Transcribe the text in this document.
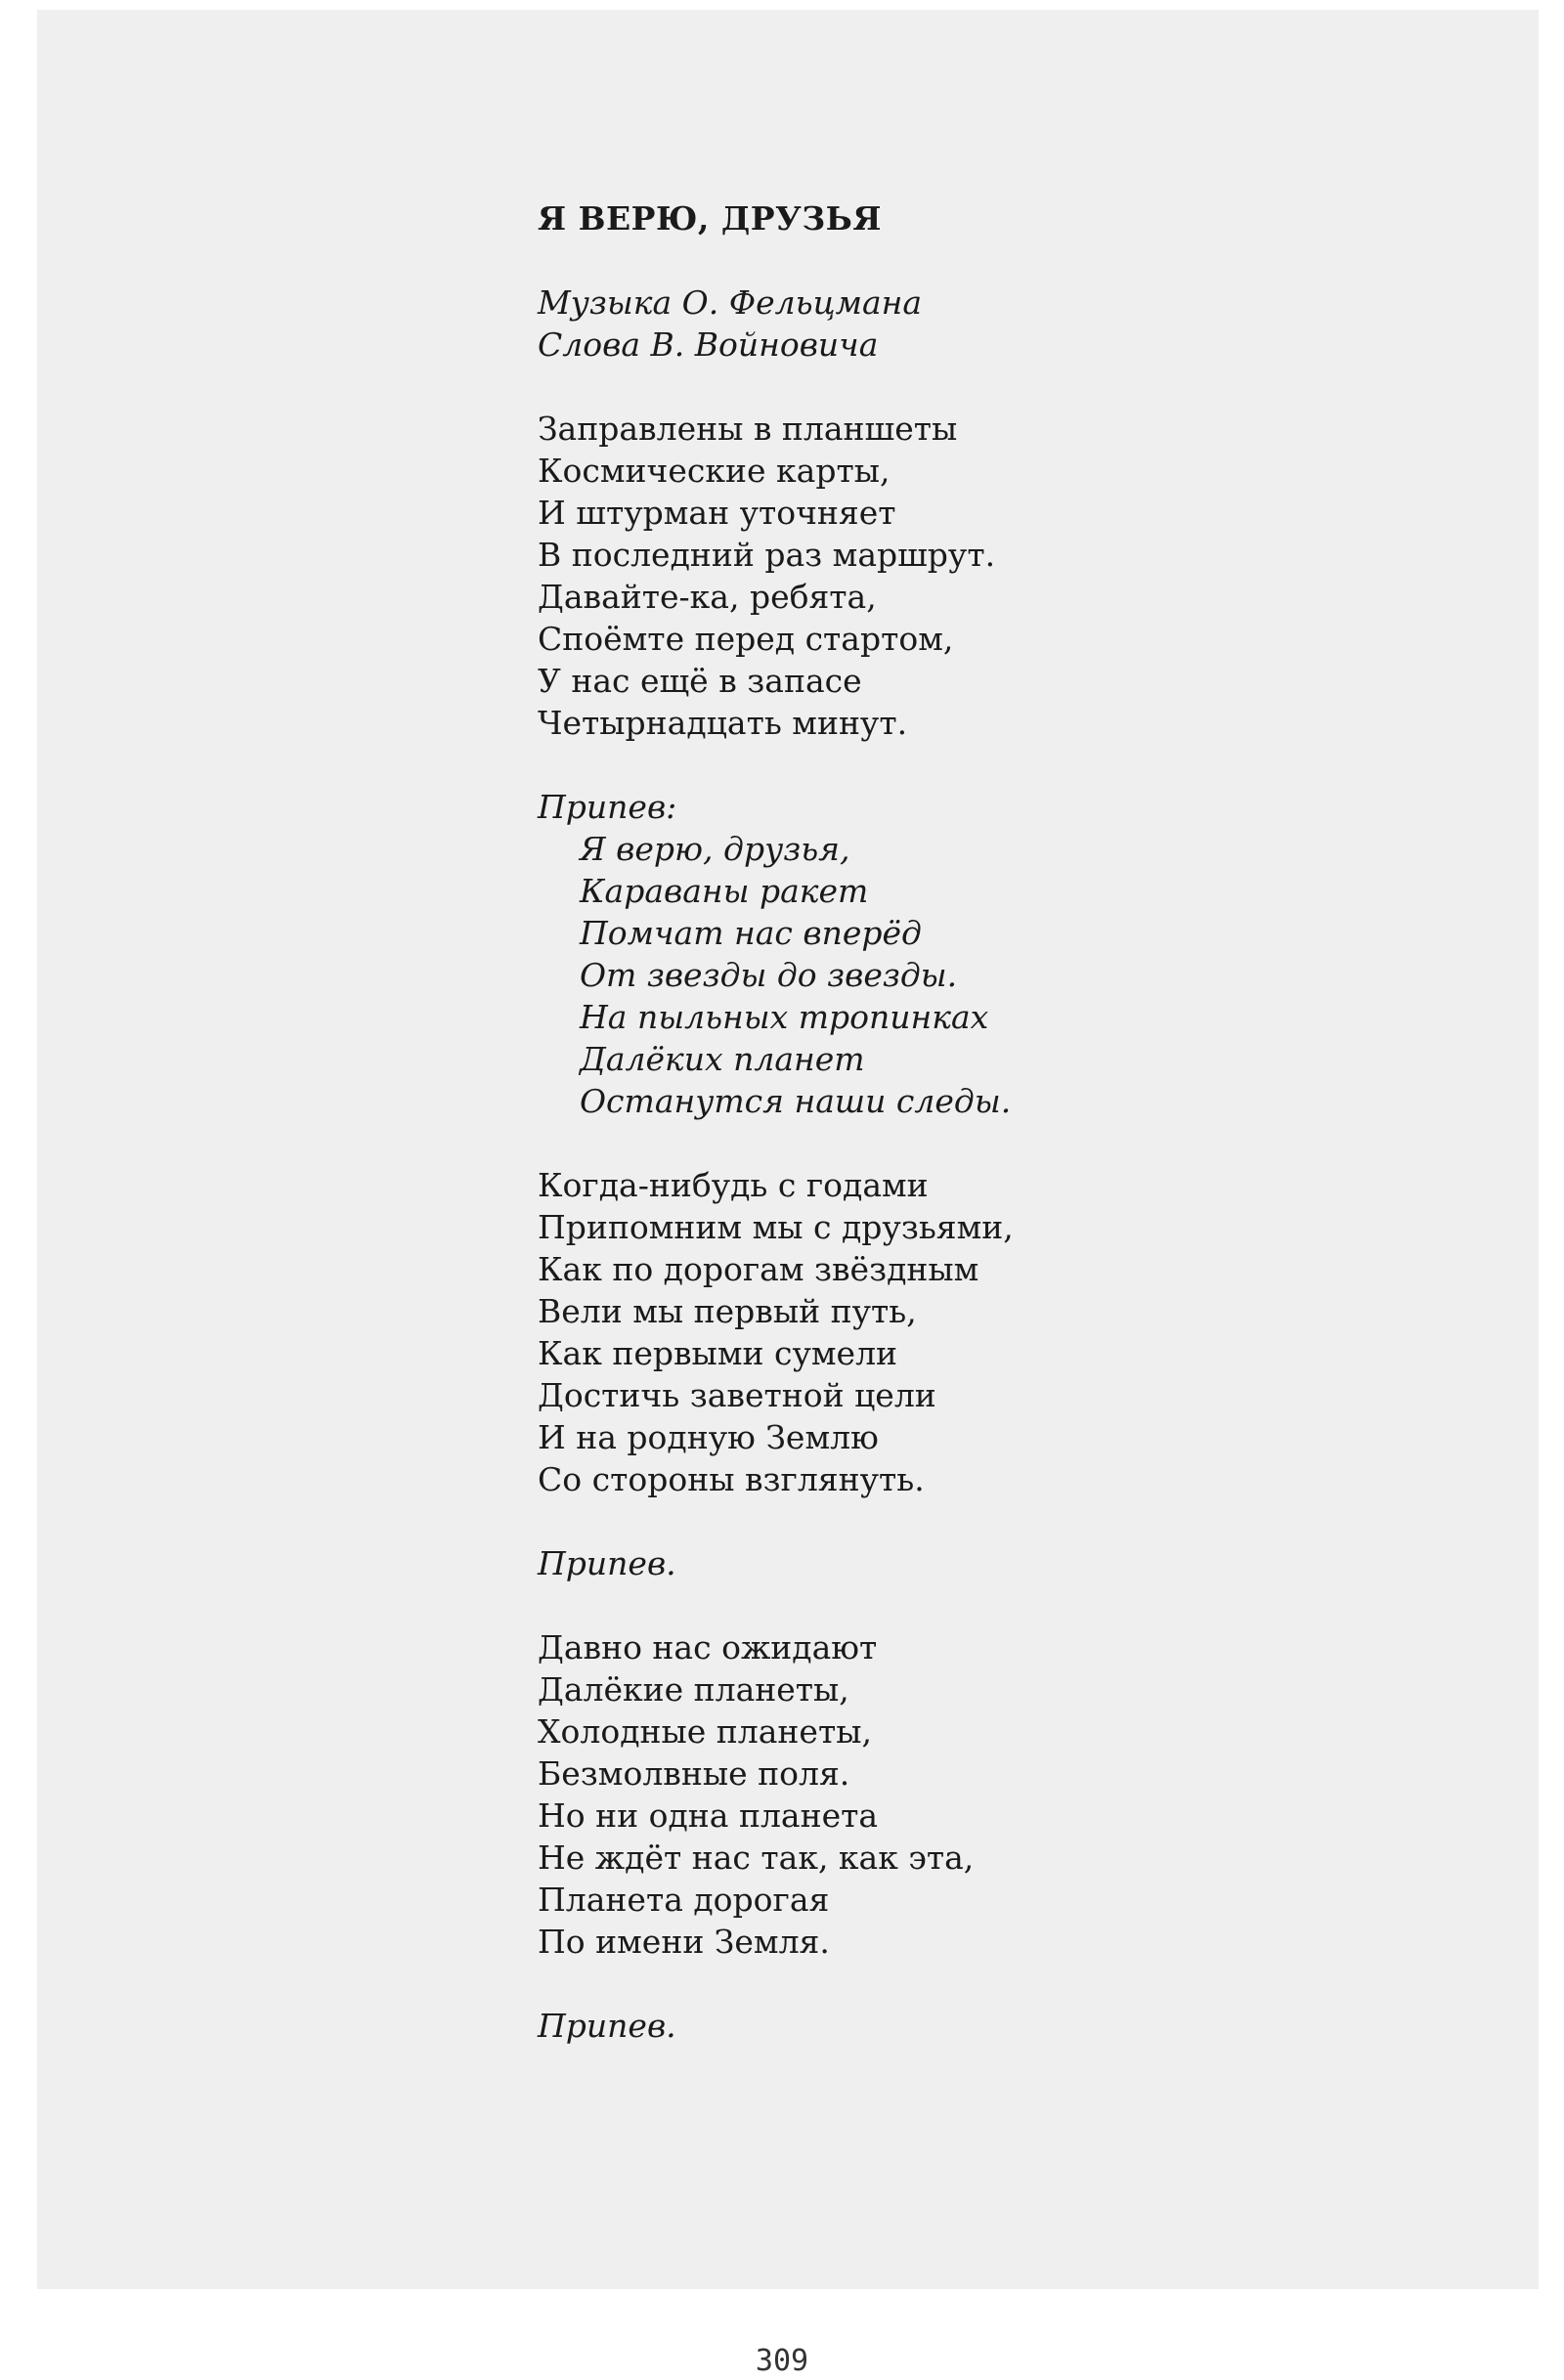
Я ВЕРЮ, ДРУЗЬЯ
Музыка О. Фельцмана
Слова В. Войновича
Заправлены в планшеты
Космические карты,
И штурман уточняет
В последний раз маршрут.
Давайте-ка, ребята,
Споёмте перед стартом,
У нас ещё в запасе
Четырнадцать минут.
Припев:
Я верю, друзья,
Караваны ракет
Помчат нас вперёд
От звезды до звезды.
На пыльных тропинках
Далёких планет
Останутся наши следы.
Когда-нибудь с годами
Припомним мы с друзьями,
Как по дорогам звёздным
Вели мы первый путь,
Как первыми сумели
Достичь заветной цели
И на родную Землю
Со стороны взглянуть.
Припев.
Давно нас ожидают
Далёкие планеты,
Холодные планеты,
Безмолвные поля.
Но ни одна планета
Не ждёт нас так, как эта,
Планета дорогая
По имени Земля.
Припев.
309
